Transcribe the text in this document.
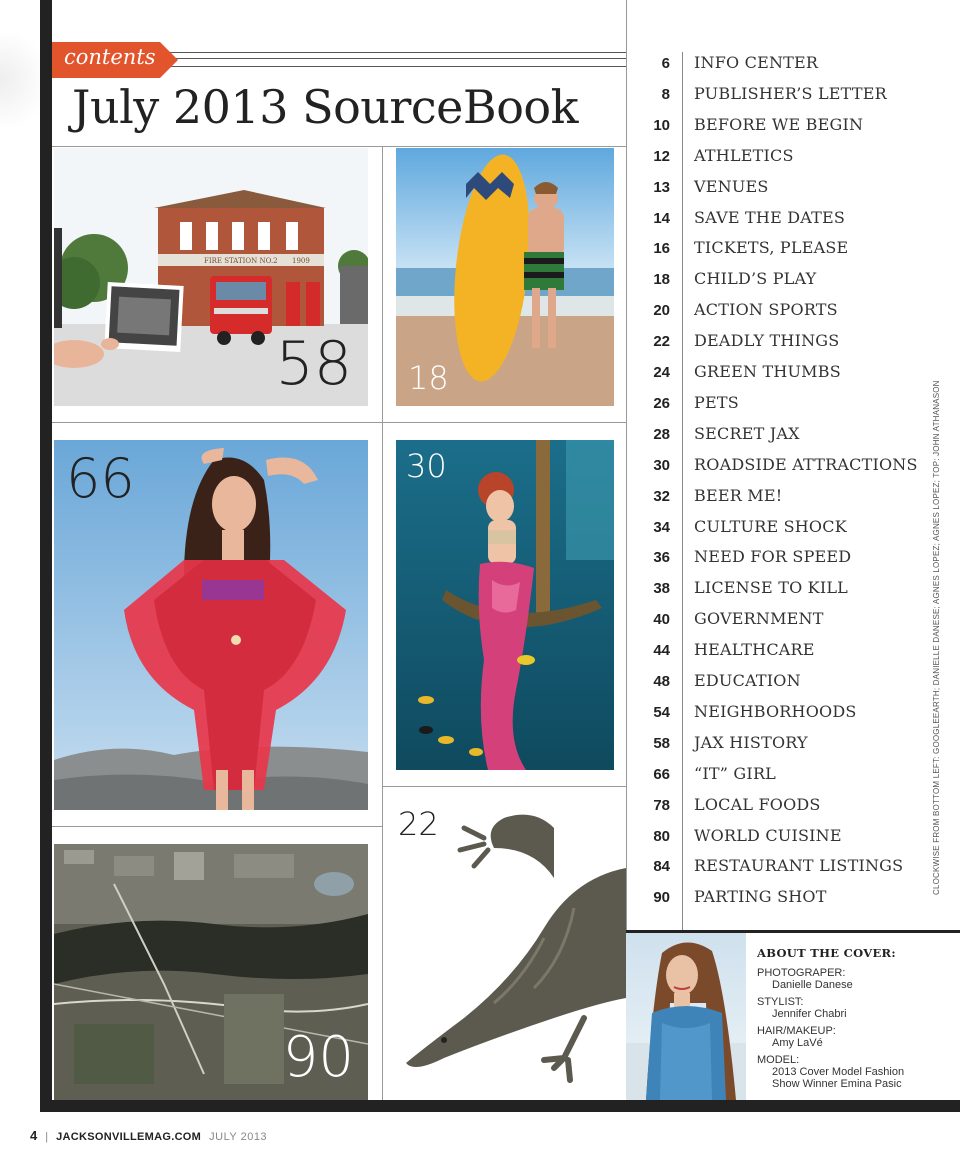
contents
July 2013 SourceBook
FIRE STATION NO.2 1909
58 18
66	30
90
22
6 INFO CENTER
8 PUBLISHER’S LETTER
10 BEFORE WE BEGIN
12 ATHLETICS
13 VENUES
14 SAVE THE DATES
16 TICKETS, PLEASE
18 CHILD’S PLAY
20 ACTION SPORTS
22 DEADLY THINGS
24 GREEN THUMBS
26 PETS
28 SECRET JAX
30 ROADSIDE ATTRACTIONS
32 BEER ME!
34 CULTURE SHOCK
36 NEED FOR SPEED
38 LICENSE TO KILL
40 GOVERNMENT
44 HEALTHCARE
48 EDUCATION
54 NEIGHBORHOODS
58 JAX HISTORY
66 “IT” GIRL
78 LOCAL FOODS
80 WORLD CUISINE
84 RESTAURANT LISTINGS
90 PARTING SHOT
CLOCKWISE FROM BOTTOM LEFT: GOOGLEEARTH; DANIELLE DANESE; AGNES LOPEZ; AGNES LOPEZ; TOP: JOHN ATHANASON
ABOUT THE COVER:
PHOTOGRAPER:
Danielle Danese
STYLIST:
Jennifer Chabri
HAIR/MAKEUP:
Amy LaVé
MODEL:
2013 Cover Model Fashion
Show Winner Emina Pasic
4 | JACKSONVILLEMAG.COM JULY 2013
